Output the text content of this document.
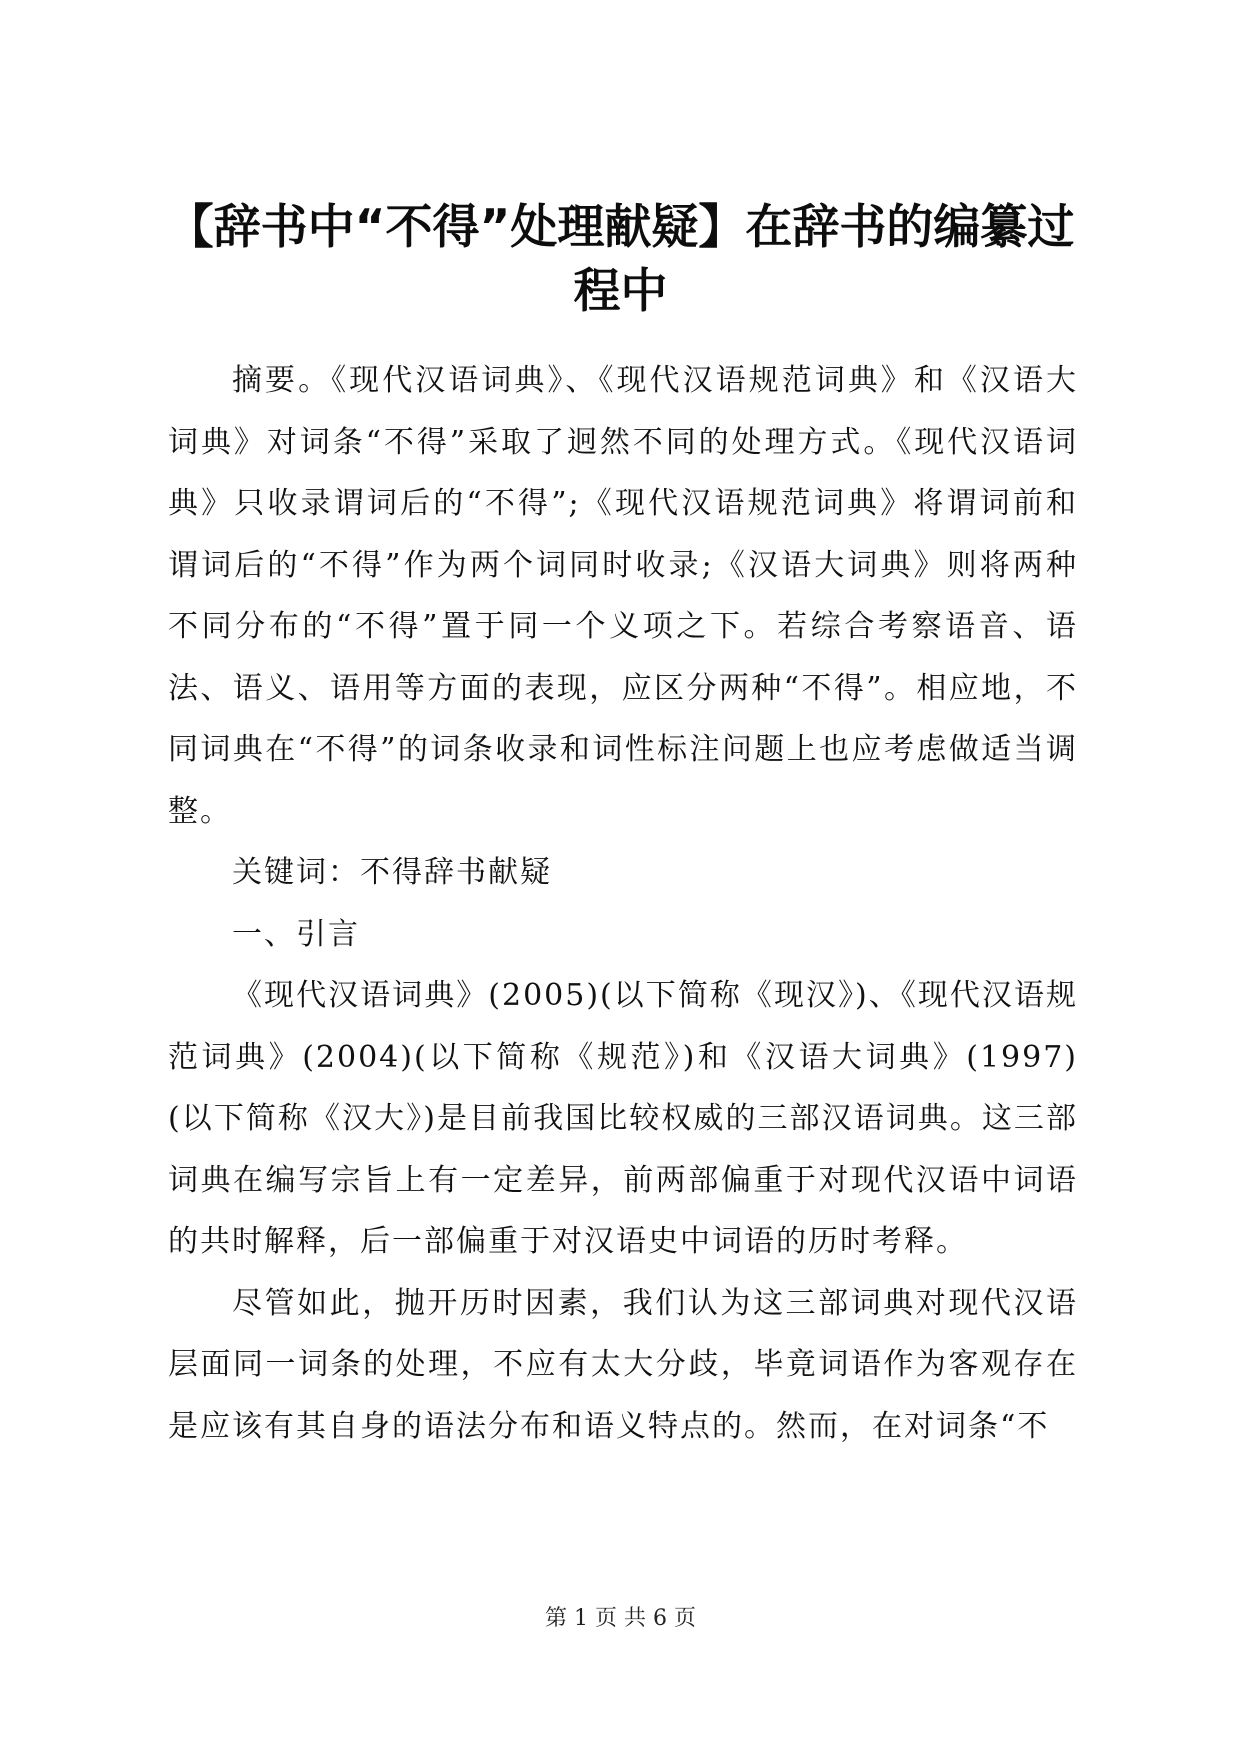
【辞书中“不得”处理献疑】在辞书的编纂过程中

摘要。《现代汉语词典》、《现代汉语规范词典》和《汉语大词典》对词条“不得”采取了迥然不同的处理方式。《现代汉语词典》只收录谓词后的“不得”;《现代汉语规范词典》将谓词前和谓词后的“不得”作为两个词同时收录;《汉语大词典》则将两种不同分布的“不得”置于同一个义项之下。若综合考察语音、语法、语义、语用等方面的表现，应区分两种“不得”。相应地，不同词典在“不得”的词条收录和词性标注问题上也应考虑做适当调整。

关键词：不得辞书献疑

一、引言

《现代汉语词典》(2005)(以下简称《现汉》)、《现代汉语规范词典》(2004)(以下简称《规范》)和《汉语大词典》(1997)(以下简称《汉大》)是目前我国比较权威的三部汉语词典。这三部词典在编写宗旨上有一定差异，前两部偏重于对现代汉语中词语的共时解释，后一部偏重于对汉语史中词语的历时考释。

尽管如此，抛开历时因素，我们认为这三部词典对现代汉语层面同一词条的处理，不应有太大分歧，毕竟词语作为客观存在是应该有其自身的语法分布和语义特点的。然而，在对词条“不

第 1 页 共 6 页
